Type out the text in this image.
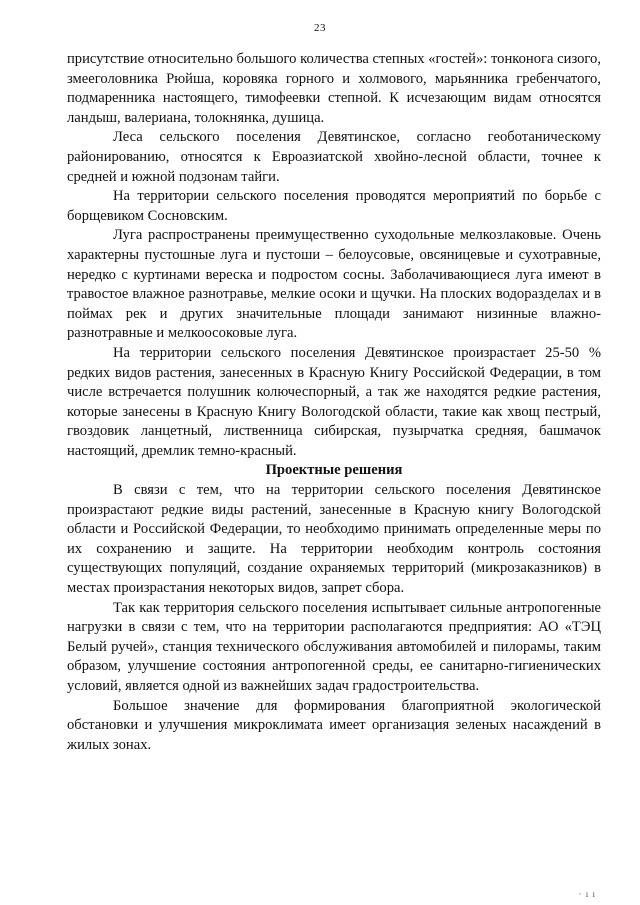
23

присутствие относительно большого количества степных «гостей»: тонконога сизого, змееголовника Рюйша, коровяка горного и холмового, марьянника гребенчатого, подмаренника настоящего, тимофеевки степной. К исчезающим видам относятся ландыш, валериана, толокнянка, душица.

Леса сельского поселения Девятинское, согласно геоботаническому районированию, относятся к Евроазиатской хвойно-лесной области, точнее к средней и южной подзонам тайги.

На территории сельского поселения проводятся мероприятий по борьбе с борщевиком Сосновским.

Луга распространены преимущественно суходольные мелкозлаковые. Очень характерны пустошные луга и пустоши – белоусовые, овсяницевые и сухотравные, нередко с куртинами вереска и подростом сосны. Заболачивающиеся луга имеют в травостое влажное разнотравье, мелкие осоки и щучки. На плоских водоразделах и в поймах рек и других значительные площади занимают низинные влажно-разнотравные и мелкоосоковые луга.

На территории сельского поселения Девятинское произрастает 25-50 % редких видов растения, занесенных в Красную Книгу Российской Федерации, в том числе встречается полушник колючеспорный, а так же находятся редкие растения, которые занесены в Красную Книгу Вологодской области, такие как хвощ пестрый, гвоздовик ланцетный, лиственница сибирская, пузырчатка средняя, башмачок настоящий, дремлик темно-красный.

Проектные решения

В связи с тем, что на территории сельского поселения Девятинское произрастают редкие виды растений, занесенные в Красную книгу Вологодской области и Российской Федерации, то необходимо принимать определенные меры по их сохранению и защите. На территории необходим контроль состояния существующих популяций, создание охраняемых территорий (микрозаказников) в местах произрастания некоторых видов, запрет сбора.

Так как территория сельского поселения испытывает сильные антропогенные нагрузки в связи с тем, что на территории располагаются предприятия: АО «ТЭЦ Белый ручей», станция технического обслуживания автомобилей и пилорамы, таким образом, улучшение состояния антропогенной среды, ее санитарно-гигиенических условий, является одной из важнейших задач градостроительства.

Большое значение для формирования благоприятной экологической обстановки и улучшения микроклимата имеет организация зеленых насаждений в жилых зонах.

· ı ı
